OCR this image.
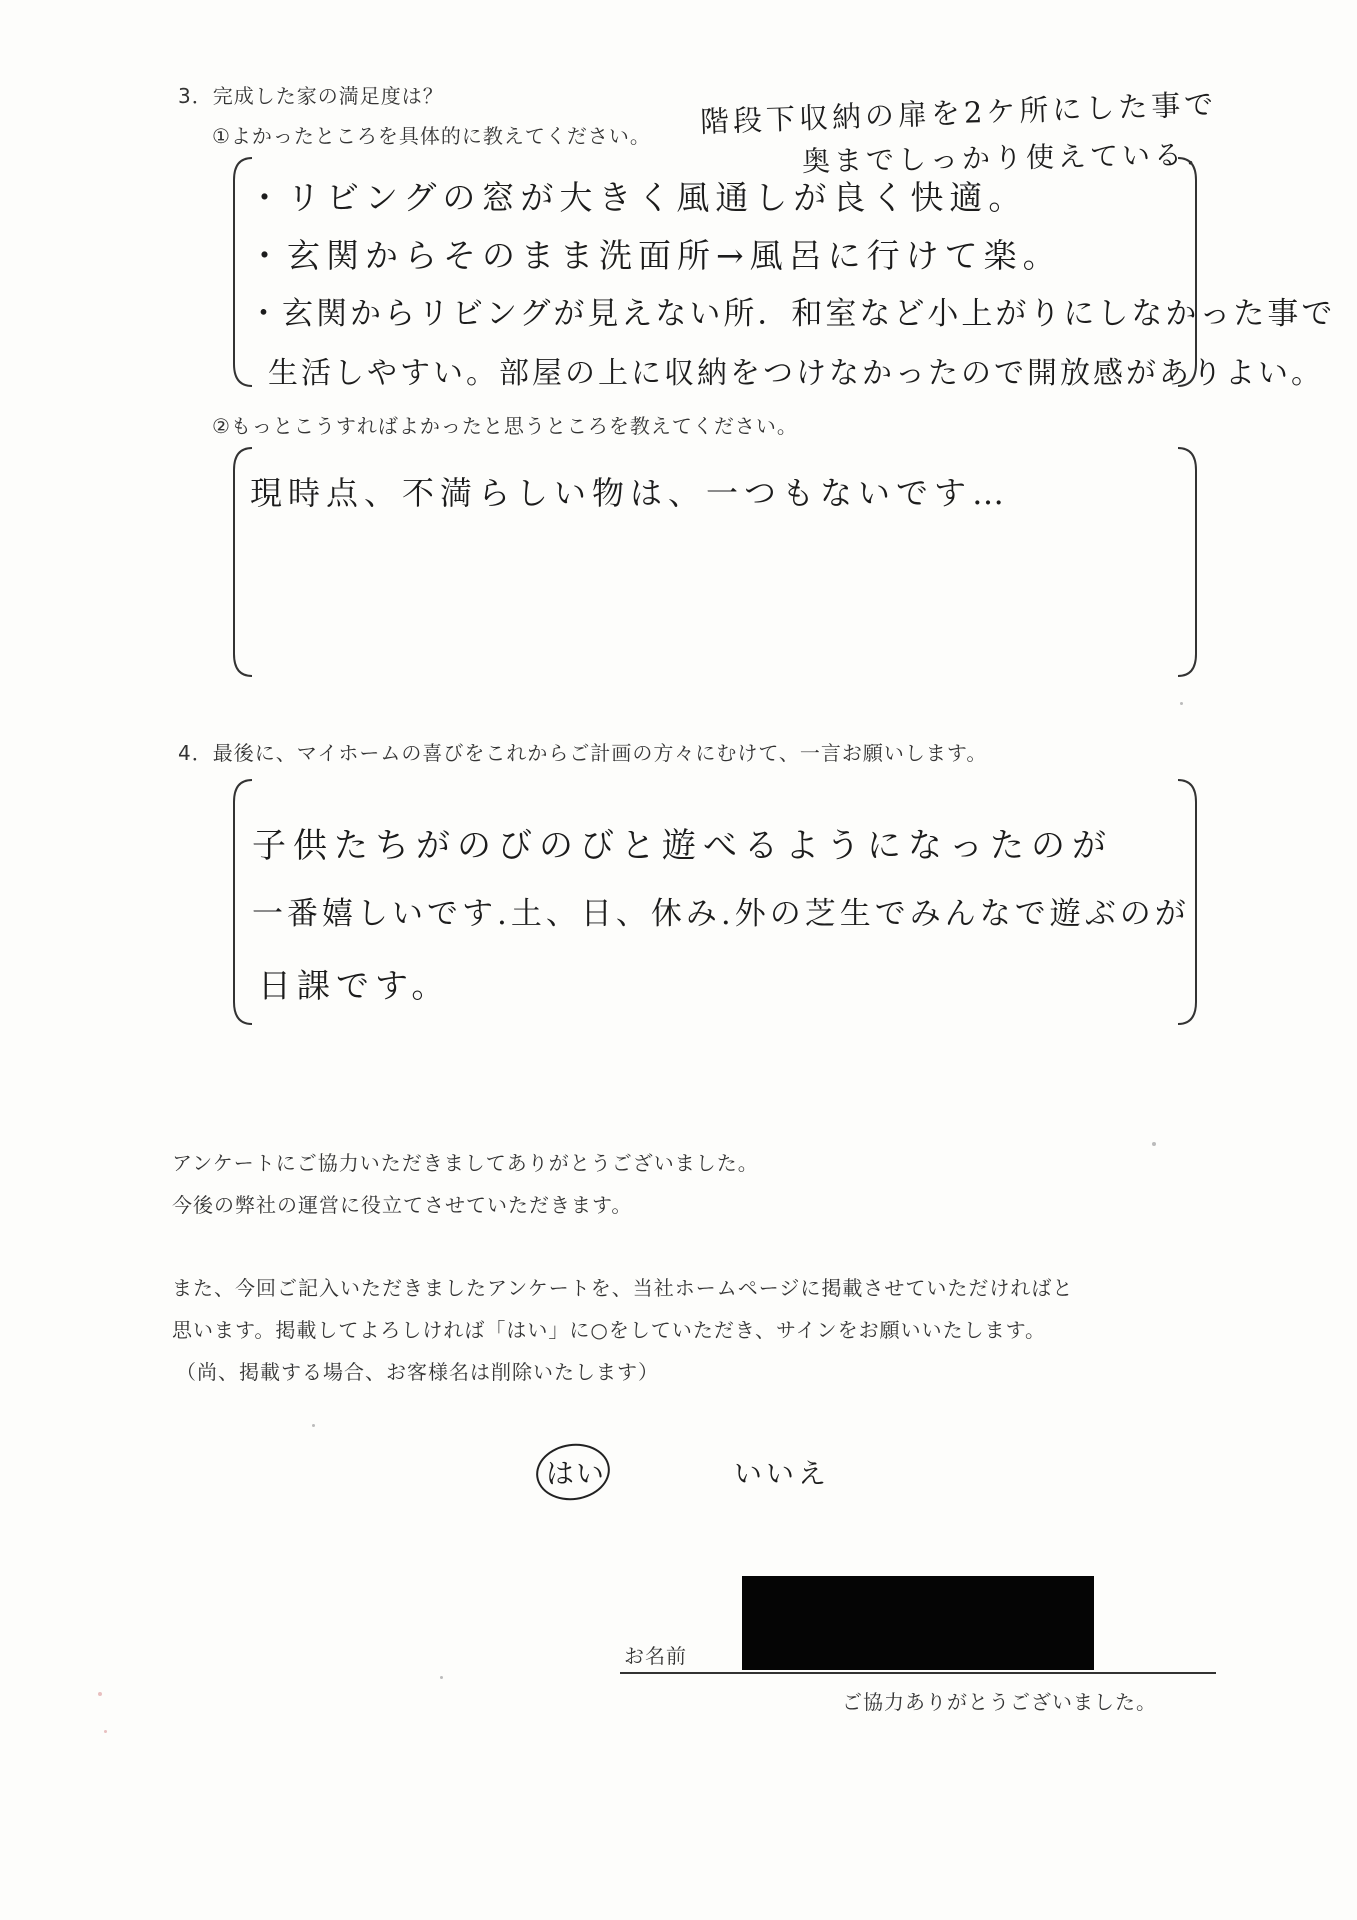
3．完成した家の満足度は？
①よかったところを具体的に教えてください。 階段下収納の扉を2ケ所にした事で
奥までしっかり使えている.
・リビングの窓が大きく風通しが良く快適。
・玄関からそのまま洗面所→風呂に行けて楽。
・玄関からリビングが見えない所．和室など小上がりにしなかった事で
生活しやすい。部屋の上に収納をつけなかったので開放感がありよい。
②もっとこうすればよかったと思うところを教えてください。
現時点、不満らしい物は、一つもないです…
4．最後に、マイホームの喜びをこれからご計画の方々にむけて、一言お願いします。
子供たちがのびのびと遊べるようになったのが
一番嬉しいです.土、日、休み.外の芝生でみんなで遊ぶのが
日課です。
アンケートにご協力いただきましてありがとうございました。
今後の弊社の運営に役立てさせていただきます。
また、今回ご記入いただきましたアンケートを、当社ホームページに掲載させていただければと
思います。掲載してよろしければ「はい」に○をしていただき、サインをお願いいたします。
（尚、掲載する場合、お客様名は削除いたします）
はい	いいえ
お名前
ご協力ありがとうございました。
